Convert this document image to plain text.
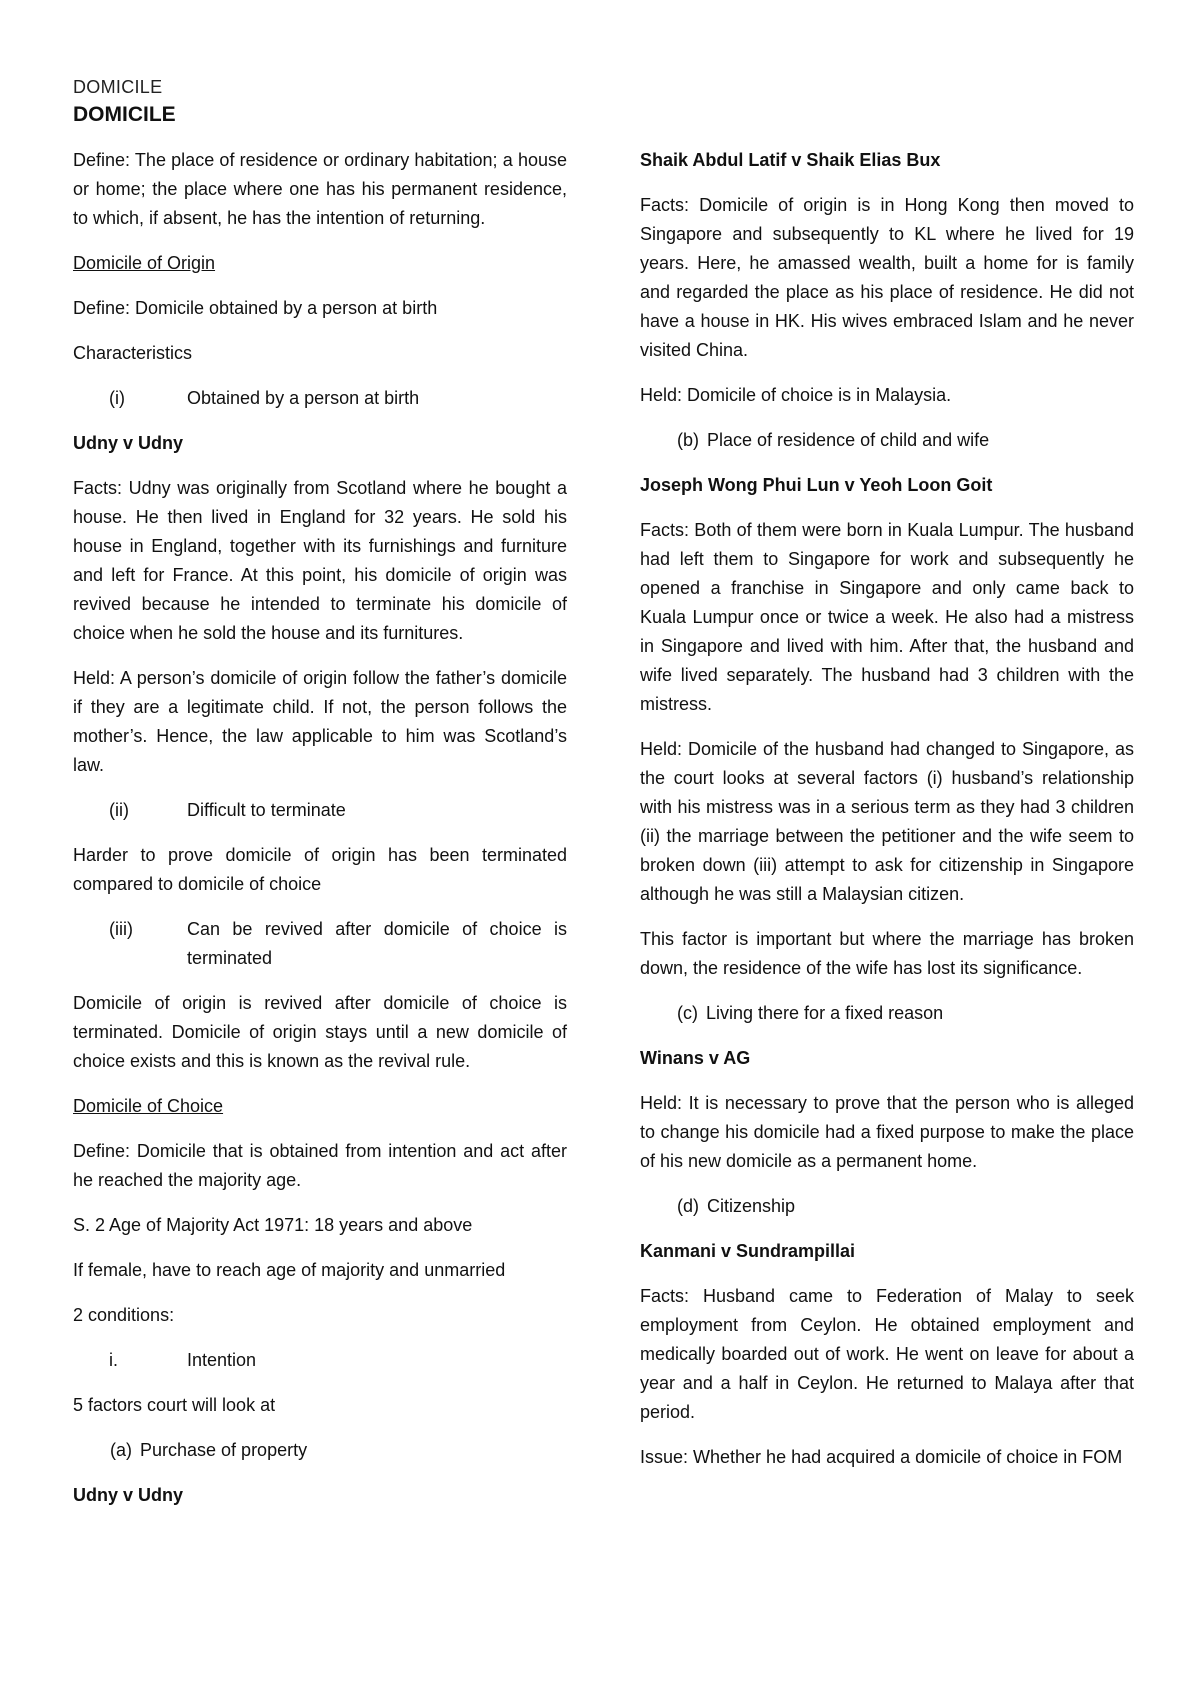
DOMICILE
DOMICILE

Define: The place of residence or ordinary habitation; a house or home; the place where one has his permanent residence, to which, if absent, he has the intention of returning.

Domicile of Origin

Define: Domicile obtained by a person at birth

Characteristics

(i)	Obtained by a person at birth

Udny v Udny

Facts: Udny was originally from Scotland where he bought a house. He then lived in England for 32 years. He sold his house in England, together with its furnishings and furniture and left for France. At this point, his domicile of origin was revived because he intended to terminate his domicile of choice when he sold the house and its furnitures.

Held: A person’s domicile of origin follow the father’s domicile if they are a legitimate child. If not, the person follows the mother’s. Hence, the law applicable to him was Scotland’s law.

(ii)	Difficult to terminate

Harder to prove domicile of origin has been terminated compared to domicile of choice

(iii)	Can be revived after domicile of choice is terminated

Domicile of origin is revived after domicile of choice is terminated. Domicile of origin stays until a new domicile of choice exists and this is known as the revival rule.

Domicile of Choice

Define: Domicile that is obtained from intention and act after he reached the majority age.

S. 2 Age of Majority Act 1971: 18 years and above

If female, have to reach age of majority and unmarried

2 conditions:

i.	Intention

5 factors court will look at

(a) Purchase of property

Udny v Udny

Shaik Abdul Latif v Shaik Elias Bux

Facts: Domicile of origin is in Hong Kong then moved to Singapore and subsequently to KL where he lived for 19 years. Here, he amassed wealth, built a home for is family and regarded the place as his place of residence. He did not have a house in HK. His wives embraced Islam and he never visited China.

Held: Domicile of choice is in Malaysia.

(b) Place of residence of child and wife

Joseph Wong Phui Lun v Yeoh Loon Goit

Facts: Both of them were born in Kuala Lumpur. The husband had left them to Singapore for work and subsequently he opened a franchise in Singapore and only came back to Kuala Lumpur once or twice a week. He also had a mistress in Singapore and lived with him. After that, the husband and wife lived separately. The husband had 3 children with the mistress.

Held: Domicile of the husband had changed to Singapore, as the court looks at several factors (i) husband’s relationship with his mistress was in a serious term as they had 3 children (ii) the marriage between the petitioner and the wife seem to broken down (iii) attempt to ask for citizenship in Singapore although he was still a Malaysian citizen.

This factor is important but where the marriage has broken down, the residence of the wife has lost its significance.

(c) Living there for a fixed reason

Winans v AG

Held: It is necessary to prove that the person who is alleged to change his domicile had a fixed purpose to make the place of his new domicile as a permanent home.

(d) Citizenship

Kanmani v Sundrampillai

Facts: Husband came to Federation of Malay to seek employment from Ceylon. He obtained employment and medically boarded out of work. He went on leave for about a year and a half in Ceylon. He returned to Malaya after that period.

Issue: Whether he had acquired a domicile of choice in FOM
